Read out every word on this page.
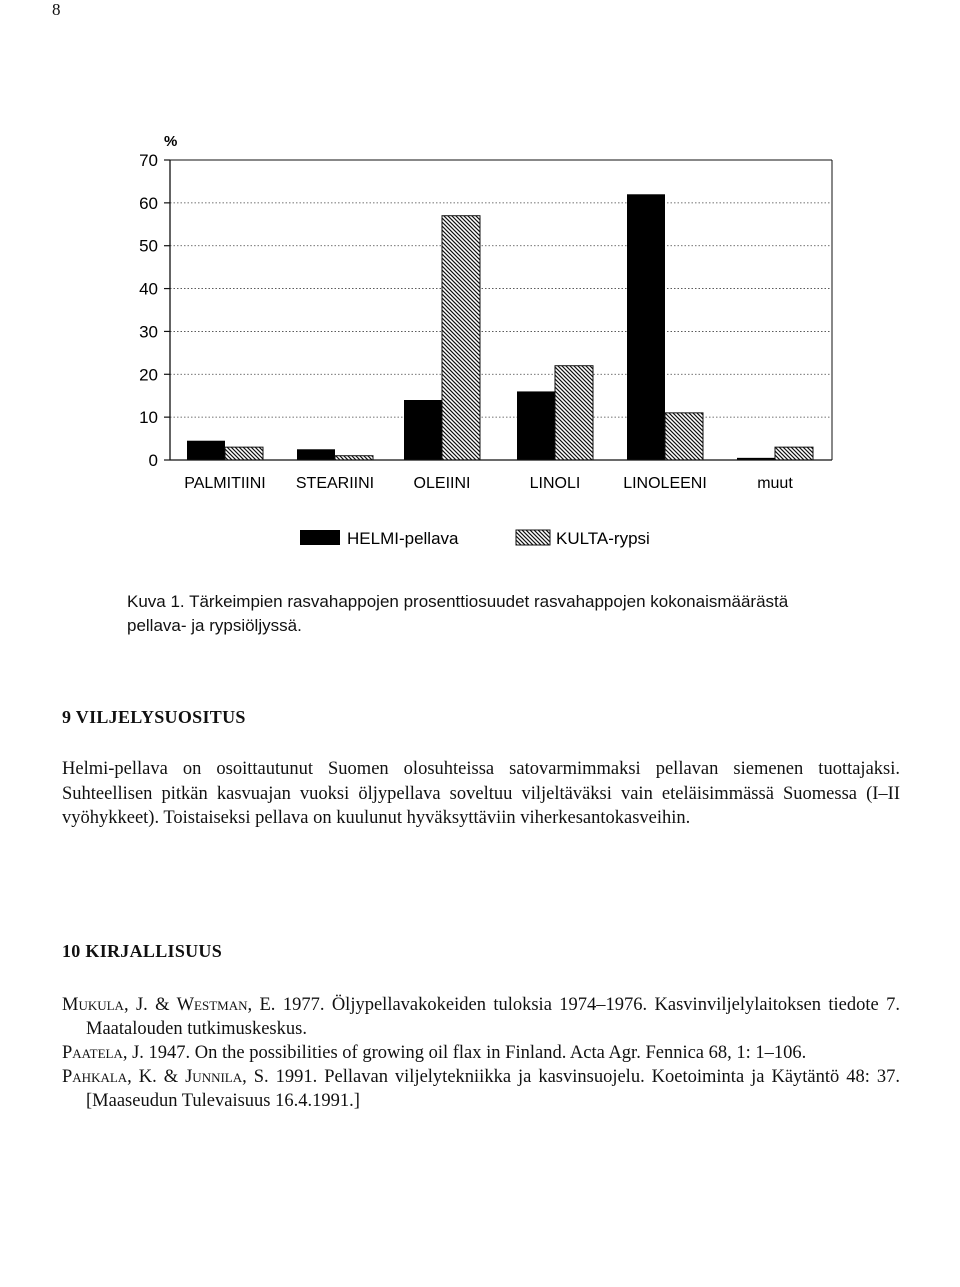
8
0
10
20
30
40
50
60
70
%
PALMITIINI STEARIINI OLEIINI	LINOLI	LINOLEENI	muut
HELMI-pellava	KULTA-rypsi
Kuva 1. Tärkeimpien rasvahappojen prosenttiosuudet rasvahappojen kokonaismäärästä pellava- ja rypsiöljyssä.
9 VILJELYSUOSITUS

Helmi-pellava on osoittautunut Suomen olosuhteissa satovarmimmaksi pellavan siemenen tuottajaksi. Suhteellisen pitkän kasvuajan vuoksi öljypellava soveltuu viljeltäväksi vain eteläisimmässä Suomessa (I–II vyöhykkeet). Toistaiseksi pellava on kuulunut hyväksyttäviin viherkesantokasveihin.

10 KIRJALLISUUS

Mukula, J. & Westman, E. 1977. Öljypellavakokeiden tuloksia 1974–1976. Kasvinviljelylaitoksen tiedote 7. Maatalouden tutkimuskeskus.

Paatela, J. 1947. On the possibilities of growing oil flax in Finland. Acta Agr. Fennica 68, 1: 1–106.

Pahkala, K. & Junnila, S. 1991. Pellavan viljelytekniikka ja kasvinsuojelu. Koetoiminta ja Käytäntö 48: 37. [Maaseudun Tulevaisuus 16.4.1991.]
